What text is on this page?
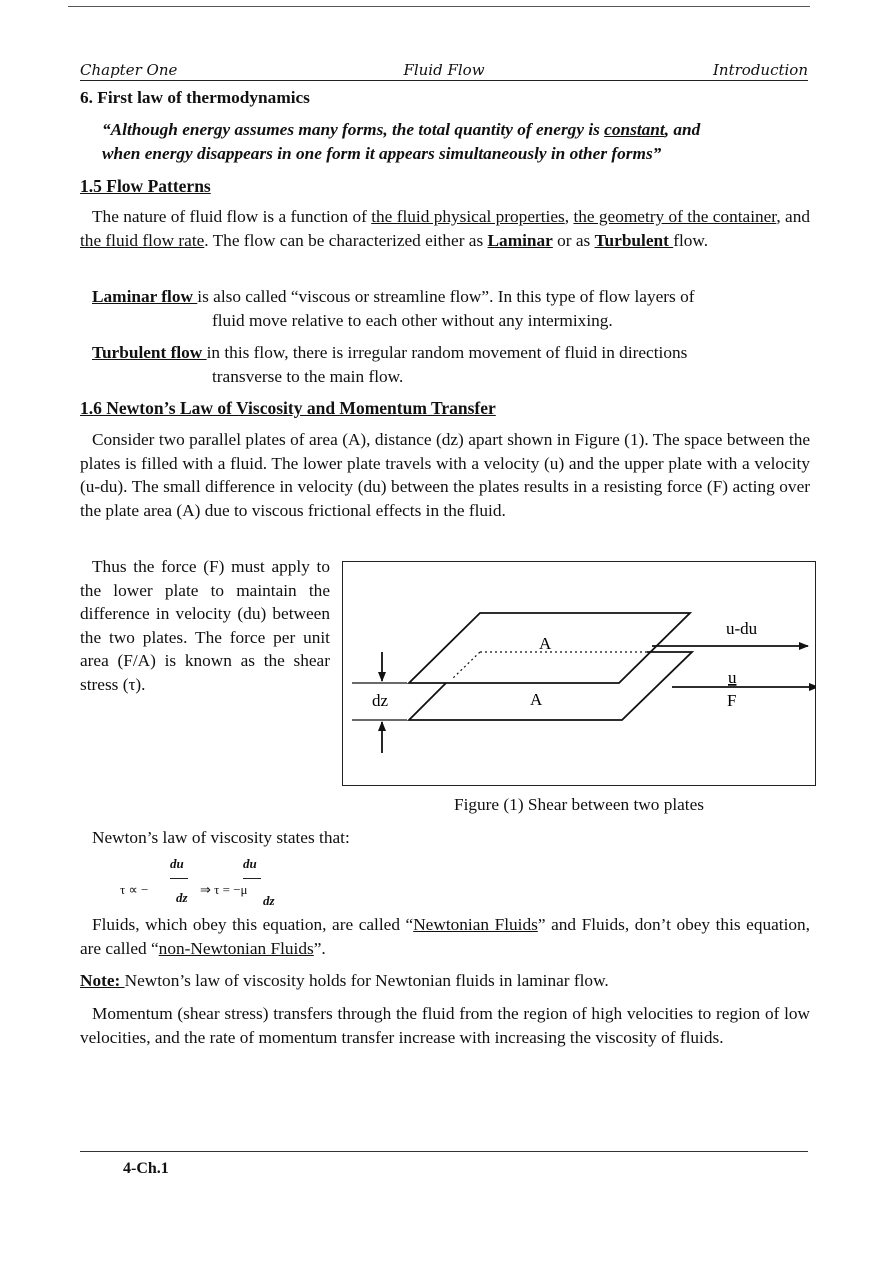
Chapter One	Fluid Flow	Introduction
6. First law of thermodynamics
“Although energy assumes many forms, the total quantity of energy is constant, and
when energy disappears in one form it appears simultaneously in other forms”
1.5 Flow Patterns
The nature of fluid flow is a function of the fluid physical properties, the geometry of the container, and the fluid flow rate. The flow can be characterized either as Laminar or as Turbulent flow.
Laminar flow is also called “viscous or streamline flow”. In this type of flow layers of
fluid move relative to each other without any intermixing.
Turbulent flow in this flow, there is irregular random movement of fluid in directions
transverse to the main flow.
1.6 Newton’s Law of Viscosity and Momentum Transfer
Consider two parallel plates of area (A), distance (dz) apart shown in Figure (1). The space between the plates is filled with a fluid. The lower plate travels with a velocity (u) and the upper plate with a velocity (u-du). The small difference in velocity (du) between the plates results in a resisting force (F) acting over the plate area (A) due to viscous frictional effects in the fluid.
Thus the force (F) must apply to the lower plate to maintain the difference in velocity (du) between the two plates. The force per unit area (F/A) is known as the shear stress (τ).
A
A
dz
u-du
u
F
Figure (1) Shear between two plates
Newton’s law of viscosity states that:
du	du
τ ∝ −	⇒ τ = −μ
dz	dz
Fluids, which obey this equation, are called “Newtonian Fluids” and Fluids, don’t obey this equation, are called “non-Newtonian Fluids”.
Note: Newton’s law of viscosity holds for Newtonian fluids in laminar flow.
Momentum (shear stress) transfers through the fluid from the region of high velocities to region of low velocities, and the rate of momentum transfer increase with increasing the viscosity of fluids.
4-Ch.1
